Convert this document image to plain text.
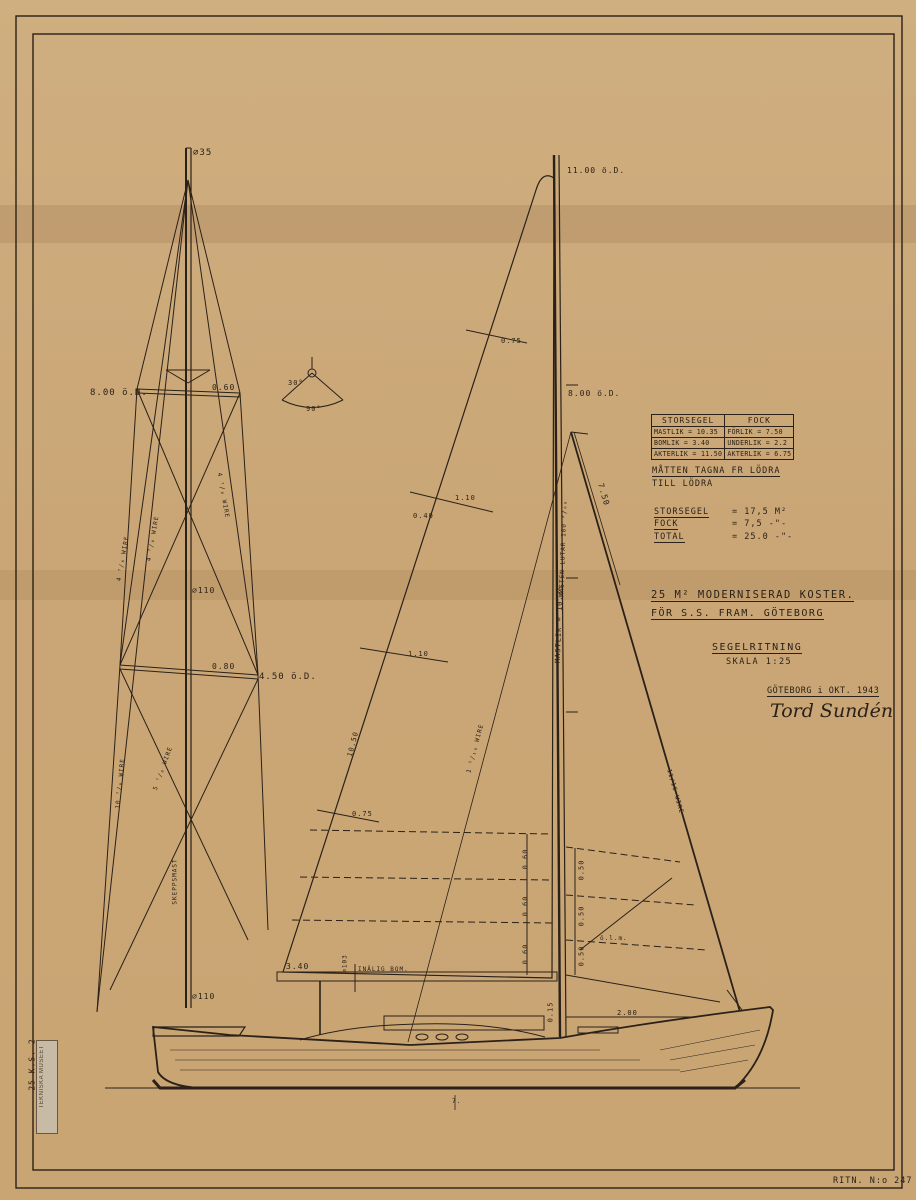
⌀35
8.00 ö.D.
0.60
⌀110
0.80
4.50 ö.D.
⌀110
4 ⁷/₈ WIRE	4 ⁷/₈ WIRE
4 ⁷/₈ WIRE
10 ⁷/₈ WIRE	5 ⁷/₈ WIRE
SKEPPSMAST
30°
90°
11.00 ö.D.
8.00 ö.D.
0.75
1.10
0.40
1.10
0.75
10.50
MASTLIK = 10.35
MASTEN LUTAR 100 ⁰/₀₀
1 ⁵/₁₆ WIRE
11/16 WIRE
7.50
0.60
0.60
0.60
0.50
0.50
0.50
2.00
3.40	⌀103 INÄLIG BOM.
0.15
ö.l.m.
7.
STORSEGEL	FOCK
MASTLIK = 10.35	FÖRLIK = 7.50
BOMLIK = 3.40	UNDERLIK = 2.2
AKTERLIK = 11.50	AKTERLIK = 6.75
MÅTTEN TAGNA FR LÖDRA
TILL LÖDRA
STORSEGEL	= 17,5 M²
FOCK	= 7,5 -"-
TOTAL	= 25.0 -"-
25 M² MODERNISERAD KOSTER.
FÖR S.S. FRAM. GÖTEBORG
SEGELRITNING
SKALA 1:25
GÖTEBORG i OKT. 1943
Tord Sundén
TEKNISKA MUSEET
25 K.S. 2
RITN. N:o 247
